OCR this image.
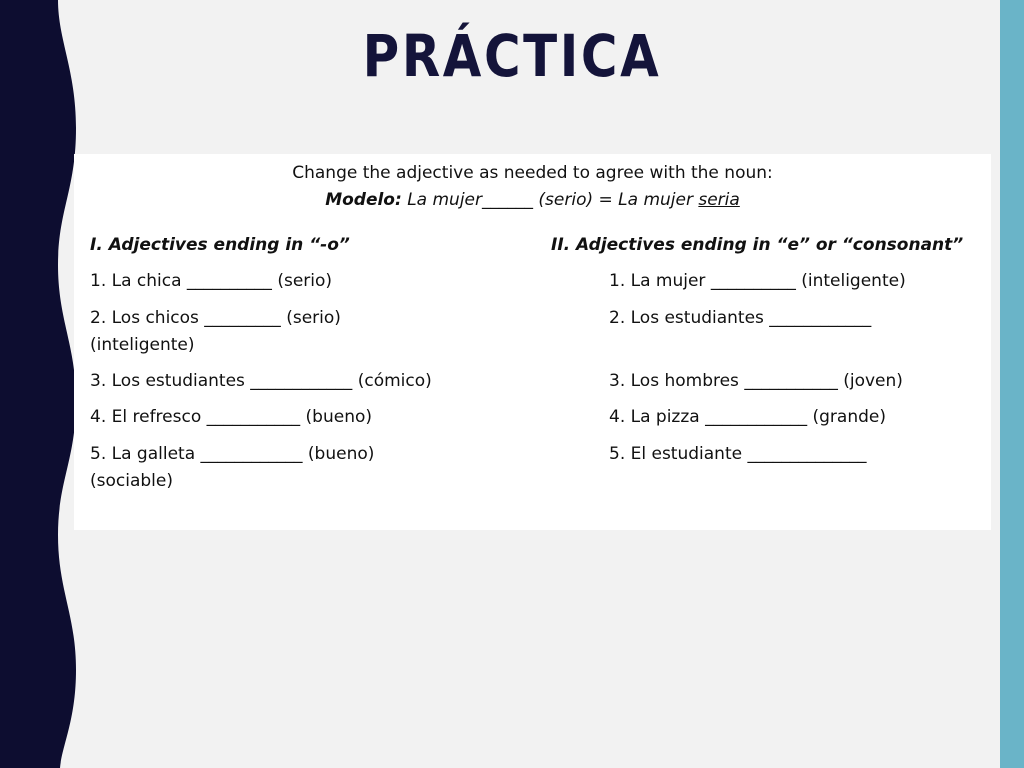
PRÁCTICA
Change the adjective as needed to agree with the noun:
Modelo: La mujer______ (serio) = La mujer seria
I. Adjectives ending in “-o”	II. Adjectives ending in “e” or “consonant”
1. La chica __________ (serio)
2. Los chicos _________ (serio)
(inteligente)
3. Los estudiantes ____________ (cómico)
4. El refresco ___________ (bueno)
5. La galleta ____________ (bueno)
(sociable)
1. La mujer __________ (inteligente)
2. Los estudiantes ____________
3. Los hombres ___________ (joven)
4. La pizza ____________ (grande)
5. El estudiante ______________
